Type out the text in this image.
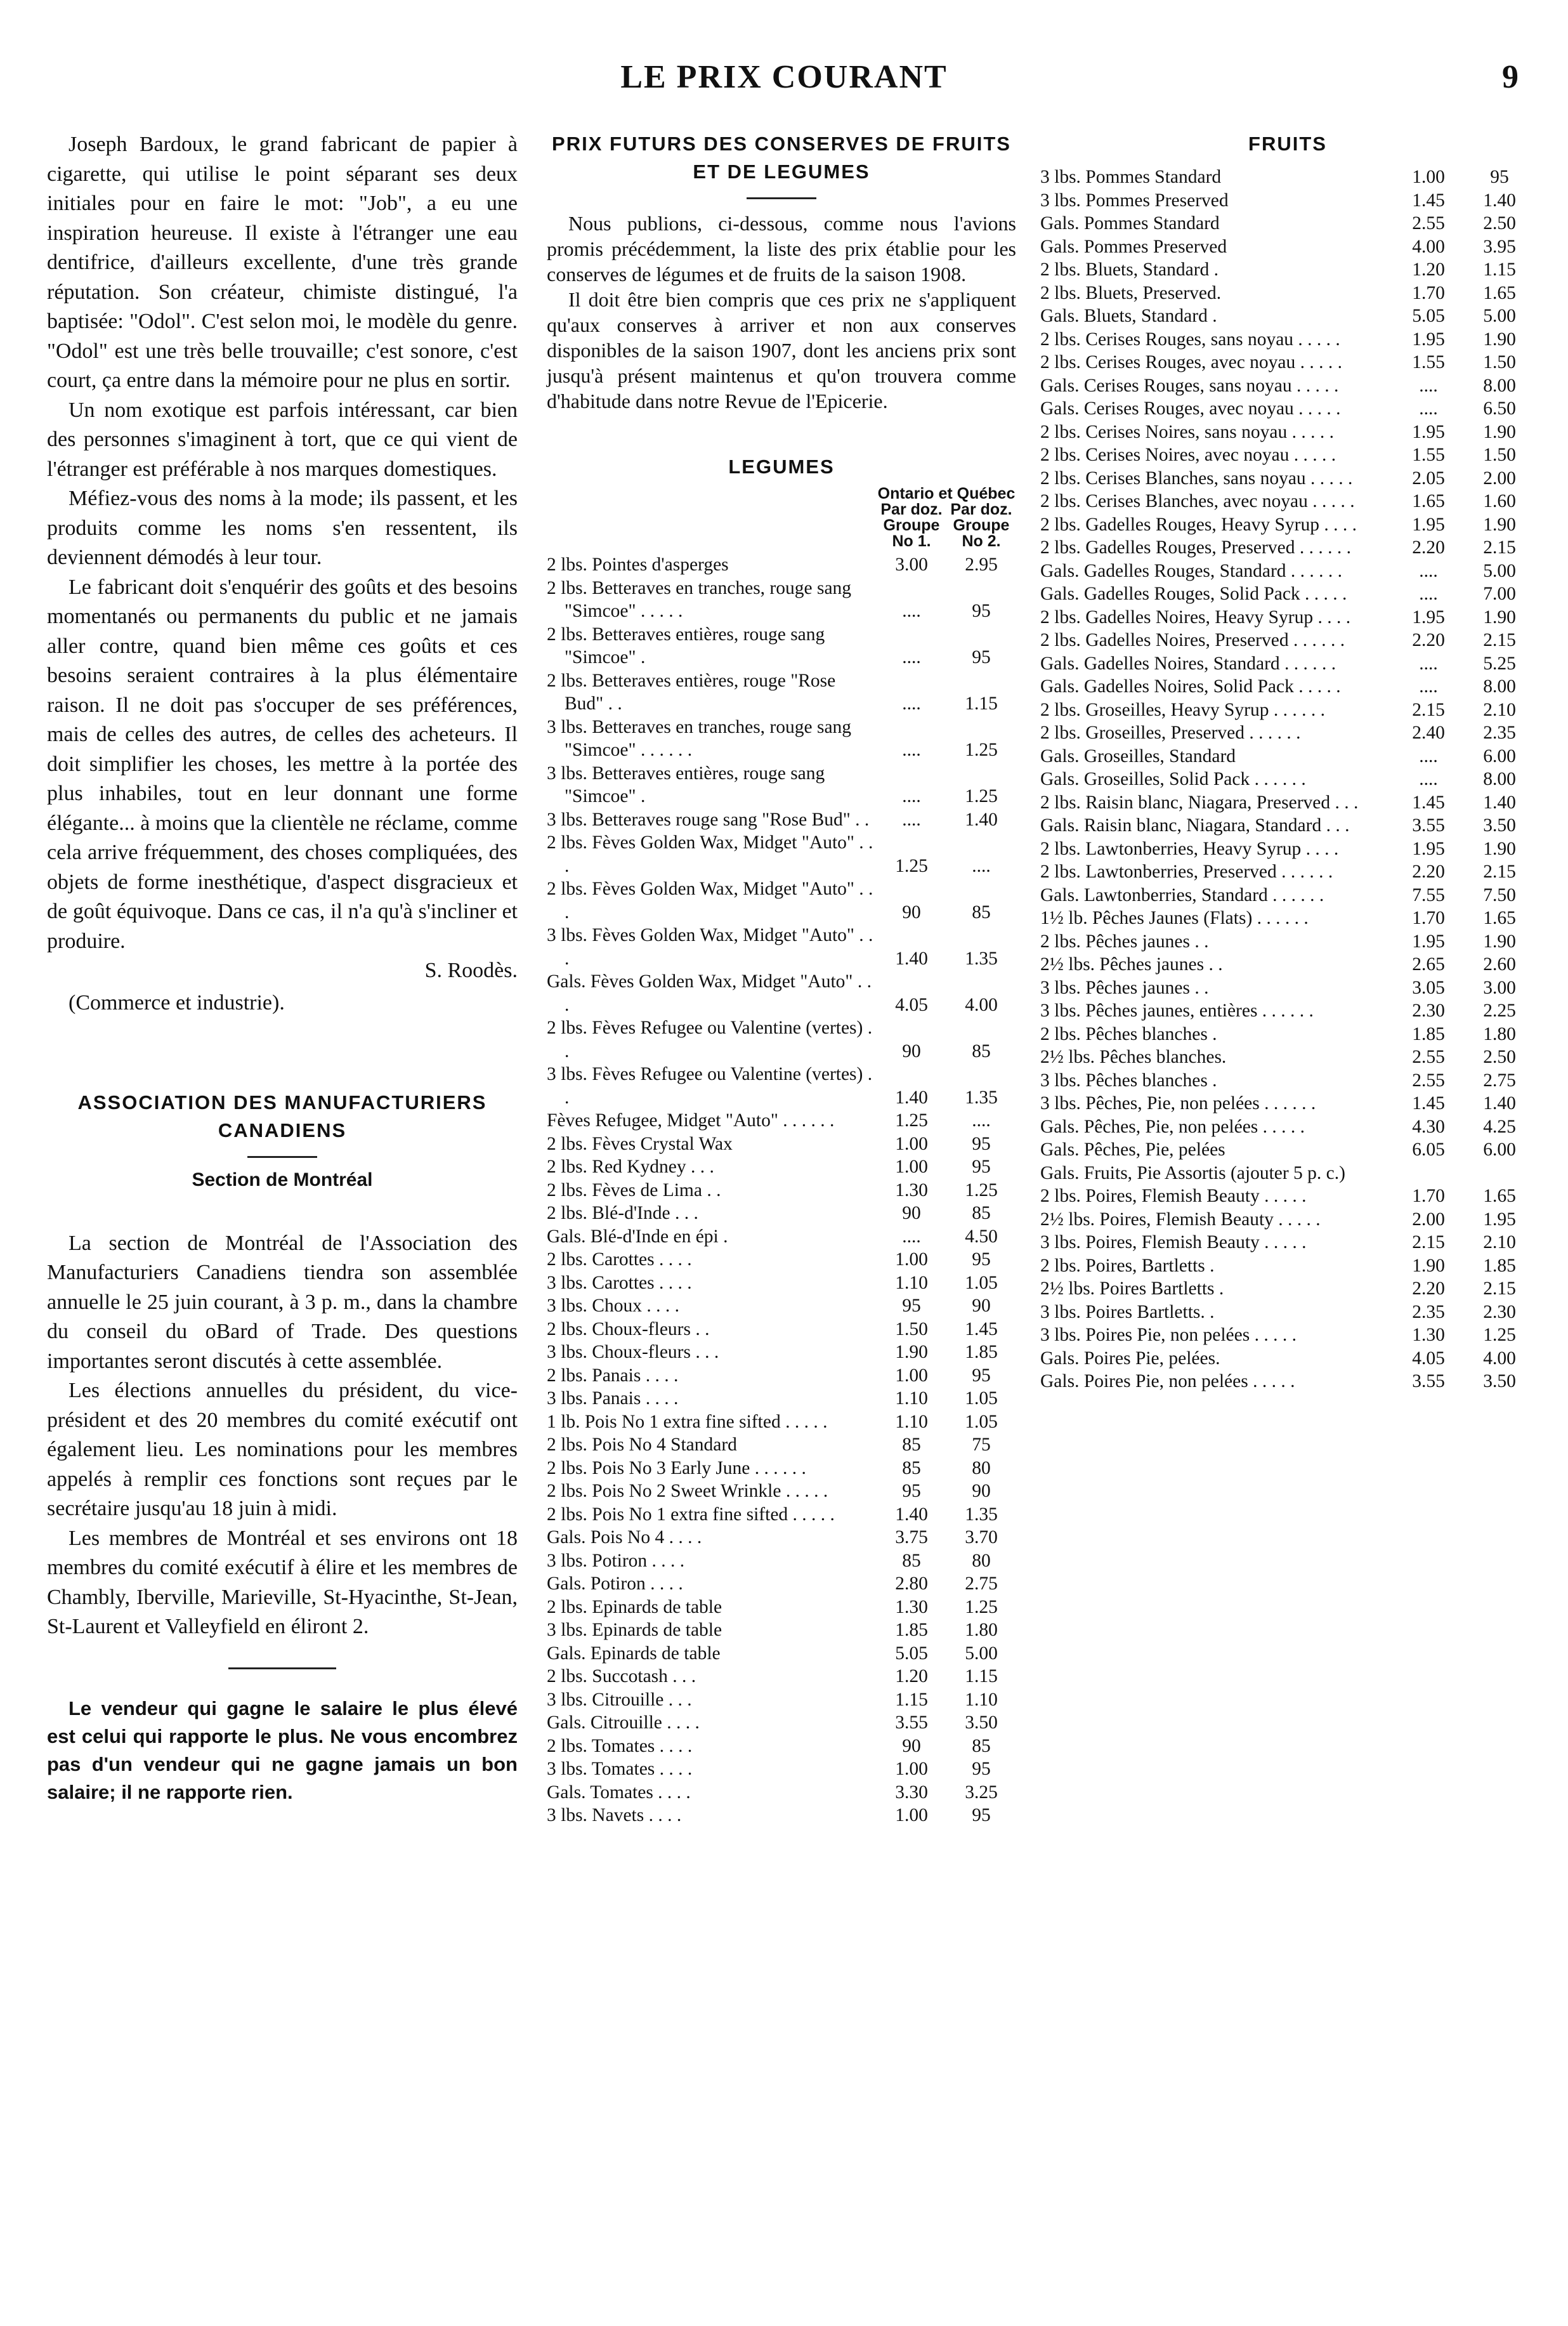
LE PRIX COURANT	9

Joseph Bardoux, le grand fabricant de papier à cigarette, qui utilise le point séparant ses deux initiales pour en faire le mot: "Job", a eu une inspiration heureuse. Il existe à l'étranger une eau dentifrice, d'ailleurs excellente, d'une très grande réputation. Son créateur, chimiste distingué, l'a baptisée: "Odol". C'est selon moi, le modèle du genre. "Odol" est une très belle trouvaille; c'est sonore, c'est court, ça entre dans la mémoire pour ne plus en sortir.

Un nom exotique est parfois intéressant, car bien des personnes s'imaginent à tort, que ce qui vient de l'étranger est préférable à nos marques domestiques.

Méfiez-vous des noms à la mode; ils passent, et les produits comme les noms s'en ressentent, ils deviennent démodés à leur tour.

Le fabricant doit s'enquérir des goûts et des besoins momentanés ou permanents du public et ne jamais aller contre, quand bien même ces goûts et ces besoins seraient contraires à la plus élémentaire raison. Il ne doit pas s'occuper de ses préférences, mais de celles des autres, de celles des acheteurs. Il doit simplifier les choses, les mettre à la portée des plus inhabiles, tout en leur donnant une forme élégante... à moins que la clientèle ne réclame, comme cela arrive fréquemment, des choses compliquées, des objets de forme inesthétique, d'aspect disgracieux et de goût équivoque. Dans ce cas, il n'a qu'à s'incliner et produire.

S. Roodès.

(Commerce et industrie).

ASSOCIATION DES MANUFACTURIERS CANADIENS

Section de Montréal

La section de Montréal de l'Association des Manufacturiers Canadiens tiendra son assemblée annuelle le 25 juin courant, à 3 p. m., dans la chambre du conseil du oBard of Trade. Des questions importantes seront discutés à cette assemblée.

Les élections annuelles du président, du vice-président et des 20 membres du comité exécutif ont également lieu. Les nominations pour les membres appelés à remplir ces fonctions sont reçues par le secrétaire jusqu'au 18 juin à midi.

Les membres de Montréal et ses environs ont 18 membres du comité exécutif à élire et les membres de Chambly, Iberville, Marieville, St-Hyacinthe, St-Jean, St-Laurent et Valleyfield en éliront 2.

Le vendeur qui gagne le salaire le plus élevé est celui qui rapporte le plus. Ne vous encombrez pas d'un vendeur qui ne gagne jamais un bon salaire; il ne rapporte rien.

PRIX FUTURS DES CONSERVES DE FRUITS ET DE LEGUMES

Nous publions, ci-dessous, comme nous l'avions promis précédemment, la liste des prix établie pour les conserves de légumes et de fruits de la saison 1908.

Il doit être bien compris que ces prix ne s'appliquent qu'aux conserves à arriver et non aux conserves disponibles de la saison 1907, dont les anciens prix sont jusqu'à présent maintenus et qu'on trouvera comme d'habitude dans notre Revue de l'Epicerie.

LEGUMES

Ontario et Québec
Par doz. Groupe No 1.
Par doz. Groupe No 2.
2 lbs. Pointes d'asperges	3.00	2.95
2 lbs. Betteraves en tranches, rouge sang "Simcoe" . . . . .	....	95
2 lbs. Betteraves entières, rouge sang "Simcoe" .	....	95
2 lbs. Betteraves entières, rouge "Rose Bud" . .	....	1.15
3 lbs. Betteraves en tranches, rouge sang "Simcoe" . . . . . .	....	1.25
3 lbs. Betteraves entières, rouge sang "Simcoe" .	....	1.25
3 lbs. Betteraves rouge sang "Rose Bud" . .	....	1.40
2 lbs. Fèves Golden Wax, Midget "Auto" . . .	1.25	....
2 lbs. Fèves Golden Wax, Midget "Auto" . . .	90	85
3 lbs. Fèves Golden Wax, Midget "Auto" . . .	1.40	1.35
Gals. Fèves Golden Wax, Midget "Auto" . . .	4.05	4.00
2 lbs. Fèves Refugee ou Valentine (vertes) . .	90	85
3 lbs. Fèves Refugee ou Valentine (vertes) . .	1.40	1.35
Fèves Refugee, Midget "Auto" . . . . . .	1.25	....
2 lbs. Fèves Crystal Wax	1.00	95
2 lbs. Red Kydney . . .	1.00	95
2 lbs. Fèves de Lima . .	1.30	1.25
2 lbs. Blé-d'Inde . . .	90	85
Gals. Blé-d'Inde en épi .	....	4.50
2 lbs. Carottes . . . .	1.00	95
3 lbs. Carottes . . . .	1.10	1.05
3 lbs. Choux . . . .	95	90
2 lbs. Choux-fleurs . .	1.50	1.45
3 lbs. Choux-fleurs . . .	1.90	1.85
2 lbs. Panais . . . .	1.00	95
3 lbs. Panais . . . .	1.10	1.05
1 lb. Pois No 1 extra fine sifted . . . . .	1.10	1.05
2 lbs. Pois No 4 Standard	85	75
2 lbs. Pois No 3 Early June . . . . . .	85	80
2 lbs. Pois No 2 Sweet Wrinkle . . . . .	95	90
2 lbs. Pois No 1 extra fine sifted . . . . .	1.40	1.35
Gals. Pois No 4 . . . .	3.75	3.70
3 lbs. Potiron . . . .	85	80
Gals. Potiron . . . .	2.80	2.75
2 lbs. Epinards de table	1.30	1.25
3 lbs. Epinards de table	1.85	1.80
Gals. Epinards de table	5.05	5.00
2 lbs. Succotash . . .	1.20	1.15
3 lbs. Citrouille . . .	1.15	1.10
Gals. Citrouille . . . .	3.55	3.50
2 lbs. Tomates . . . .	90	85
3 lbs. Tomates . . . .	1.00	95
Gals. Tomates . . . .	3.30	3.25
3 lbs. Navets . . . .	1.00	95

FRUITS

3 lbs. Pommes Standard	1.00	95
3 lbs. Pommes Preserved	1.45	1.40
Gals. Pommes Standard	2.55	2.50
Gals. Pommes Preserved	4.00	3.95
2 lbs. Bluets, Standard .	1.20	1.15
2 lbs. Bluets, Preserved.	1.70	1.65
Gals. Bluets, Standard .	5.05	5.00
2 lbs. Cerises Rouges, sans noyau . . . . .	1.95	1.90
2 lbs. Cerises Rouges, avec noyau . . . . .	1.55	1.50
Gals. Cerises Rouges, sans noyau . . . . .	....	8.00
Gals. Cerises Rouges, avec noyau . . . . .	....	6.50
2 lbs. Cerises Noires, sans noyau . . . . .	1.95	1.90
2 lbs. Cerises Noires, avec noyau . . . . .	1.55	1.50
2 lbs. Cerises Blanches, sans noyau . . . . .	2.05	2.00
2 lbs. Cerises Blanches, avec noyau . . . . .	1.65	1.60
2 lbs. Gadelles Rouges, Heavy Syrup . . . .	1.95	1.90
2 lbs. Gadelles Rouges, Preserved . . . . . .	2.20	2.15
Gals. Gadelles Rouges, Standard . . . . . .	....	5.00
Gals. Gadelles Rouges, Solid Pack . . . . .	....	7.00
2 lbs. Gadelles Noires, Heavy Syrup . . . .	1.95	1.90
2 lbs. Gadelles Noires, Preserved . . . . . .	2.20	2.15
Gals. Gadelles Noires, Standard . . . . . .	....	5.25
Gals. Gadelles Noires, Solid Pack . . . . .	....	8.00
2 lbs. Groseilles, Heavy Syrup . . . . . .	2.15	2.10
2 lbs. Groseilles, Preserved . . . . . .	2.40	2.35
Gals. Groseilles, Standard	....	6.00
Gals. Groseilles, Solid Pack . . . . . .	....	8.00
2 lbs. Raisin blanc, Niagara, Preserved . . .	1.45	1.40
Gals. Raisin blanc, Niagara, Standard . . .	3.55	3.50
2 lbs. Lawtonberries, Heavy Syrup . . . .	1.95	1.90
2 lbs. Lawtonberries, Preserved . . . . . .	2.20	2.15
Gals. Lawtonberries, Standard . . . . . .	7.55	7.50
1½ lb. Pêches Jaunes (Flats) . . . . . .	1.70	1.65
2 lbs. Pêches jaunes . .	1.95	1.90
2½ lbs. Pêches jaunes . .	2.65	2.60
3 lbs. Pêches jaunes . .	3.05	3.00
3 lbs. Pêches jaunes, entières . . . . . .	2.30	2.25
2 lbs. Pêches blanches .	1.85	1.80
2½ lbs. Pêches blanches.	2.55	2.50
3 lbs. Pêches blanches .	2.55	2.75
3 lbs. Pêches, Pie, non pelées . . . . . .	1.45	1.40
Gals. Pêches, Pie, non pelées . . . . .	4.30	4.25
Gals. Pêches, Pie, pelées	6.05	6.00
Gals. Fruits, Pie Assortis (ajouter 5 p. c.)		
2 lbs. Poires, Flemish Beauty . . . . .	1.70	1.65
2½ lbs. Poires, Flemish Beauty . . . . .	2.00	1.95
3 lbs. Poires, Flemish Beauty . . . . .	2.15	2.10
2 lbs. Poires, Bartletts .	1.90	1.85
2½ lbs. Poires Bartletts .	2.20	2.15
3 lbs. Poires Bartletts. .	2.35	2.30
3 lbs. Poires Pie, non pelées . . . . .	1.30	1.25
Gals. Poires Pie, pelées.	4.05	4.00
Gals. Poires Pie, non pelées . . . . .	3.55	3.50
